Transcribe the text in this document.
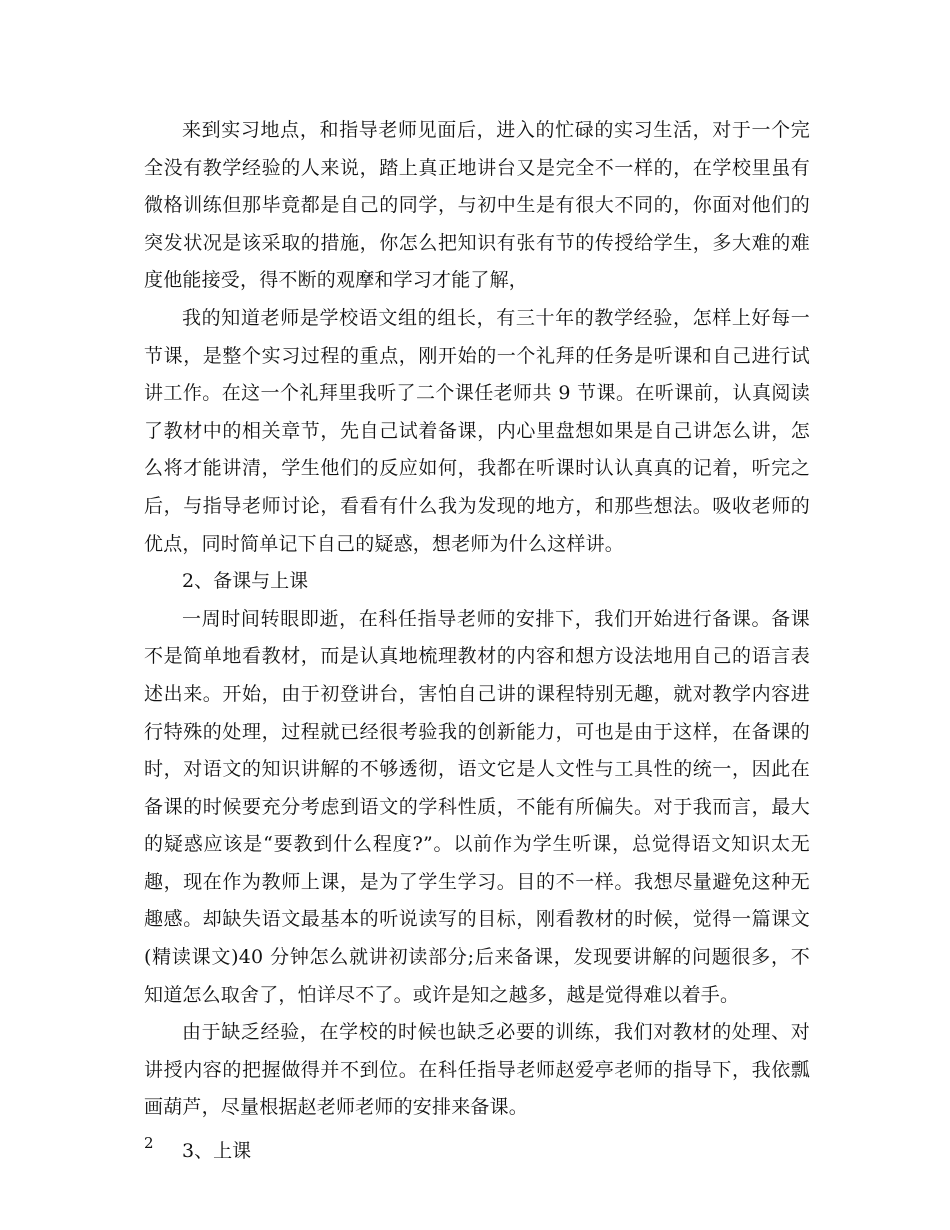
来到实习地点，和指导老师见面后，进入的忙碌的实习生活，对于一个完全没有教学经验的人来说，踏上真正地讲台又是完全不一样的，在学校里虽有微格训练但那毕竟都是自己的同学，与初中生是有很大不同的，你面对他们的突发状况是该采取的措施，你怎么把知识有张有节的传授给学生，多大难的难度他能接受，得不断的观摩和学习才能了解，

我的知道老师是学校语文组的组长，有三十年的教学经验，怎样上好每一节课，是整个实习过程的重点，刚开始的一个礼拜的任务是听课和自己进行试讲工作。在这一个礼拜里我听了二个课任老师共 9 节课。在听课前，认真阅读了教材中的相关章节，先自己试着备课，内心里盘想如果是自己讲怎么讲，怎么将才能讲清，学生他们的反应如何，我都在听课时认认真真的记着，听完之后，与指导老师讨论，看看有什么我为发现的地方，和那些想法。吸收老师的优点，同时简单记下自己的疑惑，想老师为什么这样讲。

2、备课与上课

一周时间转眼即逝，在科任指导老师的安排下，我们开始进行备课。备课不是简单地看教材，而是认真地梳理教材的内容和想方设法地用自己的语言表述出来。开始，由于初登讲台，害怕自己讲的课程特别无趣，就对教学内容进行特殊的处理，过程就已经很考验我的创新能力，可也是由于这样，在备课的时，对语文的知识讲解的不够透彻，语文它是人文性与工具性的统一，因此在备课的时候要充分考虑到语文的学科性质，不能有所偏失。对于我而言，最大的疑惑应该是“要教到什么程度?”。以前作为学生听课，总觉得语文知识太无趣，现在作为教师上课，是为了学生学习。目的不一样。我想尽量避免这种无趣感。却缺失语文最基本的听说读写的目标，刚看教材的时候，觉得一篇课文(精读课文)40 分钟怎么就讲初读部分;后来备课，发现要讲解的问题很多，不知道怎么取舍了，怕详尽不了。或许是知之越多，越是觉得难以着手。

由于缺乏经验，在学校的时候也缺乏必要的训练，我们对教材的处理、对讲授内容的把握做得并不到位。在科任指导老师赵爱亭老师的指导下，我依瓢画葫芦，尽量根据赵老师老师的安排来备课。

3、上课

2
